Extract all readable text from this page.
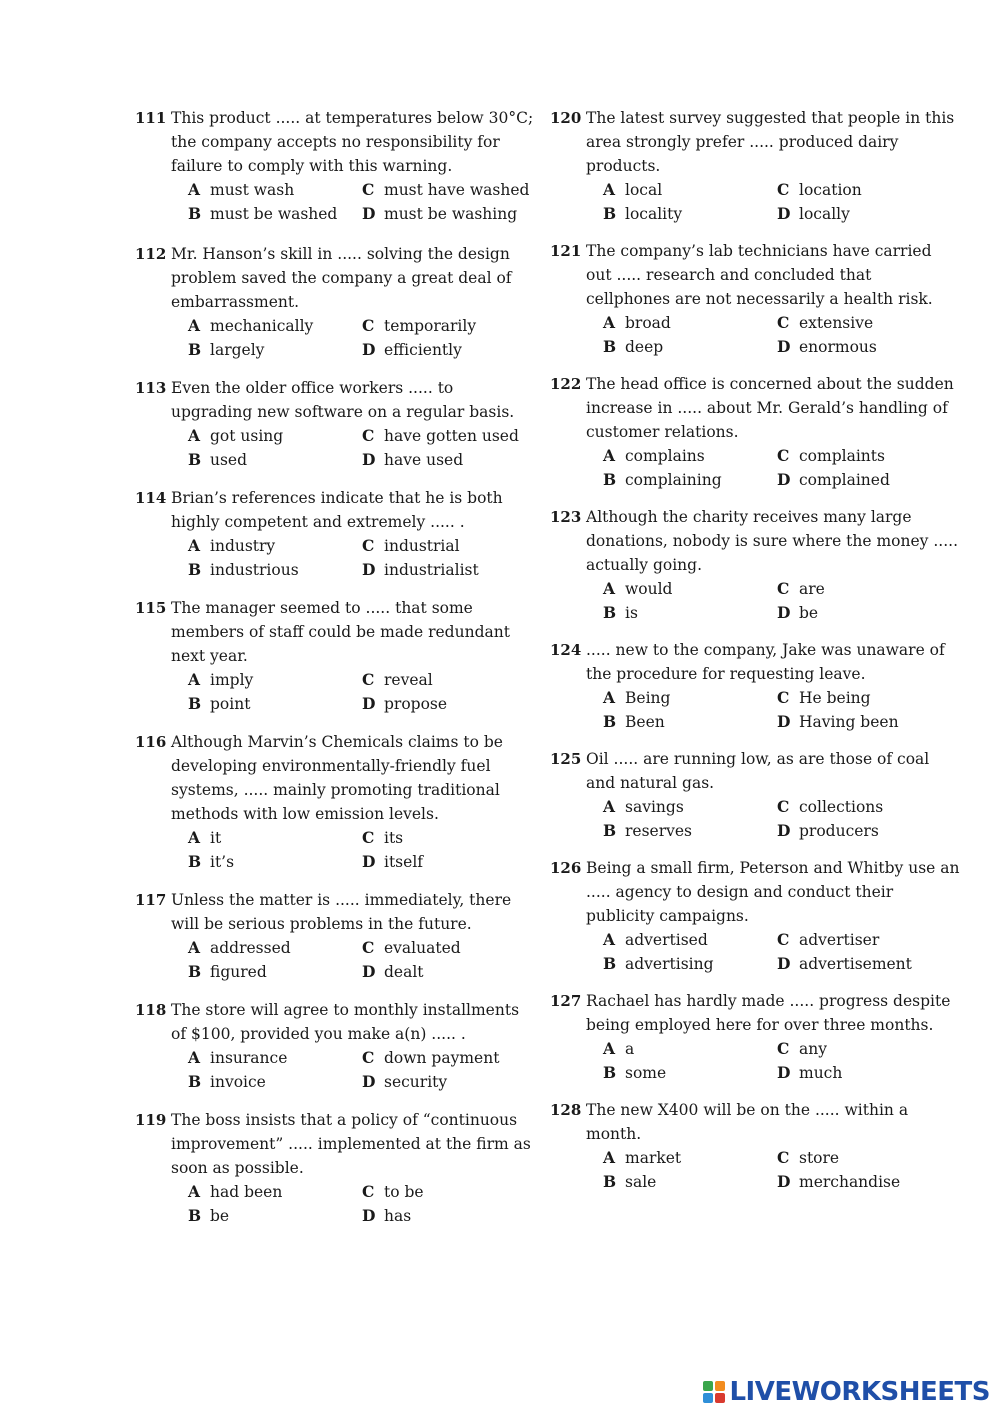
111 This product ..... at temperatures below 30°C; the company accepts no responsibility for failure to comply with this warning.
A must wash	C must have washed
B must be washed	D must be washing
112 Mr. Hanson’s skill in ..... solving the design problem saved the company a great deal of embarrassment.
A mechanically	C temporarily
B largely	D efficiently
113 Even the older office workers ..... to upgrading new software on a regular basis.
A got using	C have gotten used
B used	D have used
114 Brian’s references indicate that he is both highly competent and extremely ..... .
A industry	C industrial
B industrious	D industrialist
115 The manager seemed to ..... that some members of staff could be made redundant next year.
A imply	C reveal
B point	D propose
116 Although Marvin’s Chemicals claims to be developing environmentally-friendly fuel systems, ..... mainly promoting traditional methods with low emission levels.
A it	C its
B it’s	D itself
117 Unless the matter is ..... immediately, there will be serious problems in the future.
A addressed	C evaluated
B figured	D dealt
118 The store will agree to monthly installments of $100, provided you make a(n) ..... .
A insurance	C down payment
B invoice	D security
119 The boss insists that a policy of “continuous improvement” ..... implemented at the firm as soon as possible.
A had been	C to be
B be	D has
120 The latest survey suggested that people in this area strongly prefer ..... produced dairy products.
A local	C location
B locality	D locally
121 The company’s lab technicians have carried out ..... research and concluded that cellphones are not necessarily a health risk.
A broad	C extensive
B deep	D enormous
122 The head office is concerned about the sudden increase in ..... about Mr. Gerald’s handling of customer relations.
A complains	C complaints
B complaining	D complained
123 Although the charity receives many large donations, nobody is sure where the money ..... actually going.
A would	C are
B is	D be
124 ..... new to the company, Jake was unaware of the procedure for requesting leave.
A Being	C He being
B Been	D Having been
125 Oil ..... are running low, as are those of coal and natural gas.
A savings	C collections
B reserves	D producers
126 Being a small firm, Peterson and Whitby use an ..... agency to design and conduct their publicity campaigns.
A advertised	C advertiser
B advertising	D advertisement
127 Rachael has hardly made ..... progress despite being employed here for over three months.
A a	C any
B some	D much
128 The new X400 will be on the ..... within a month.
A market	C store
B sale	D merchandise
LIVEWORKSHEETS
